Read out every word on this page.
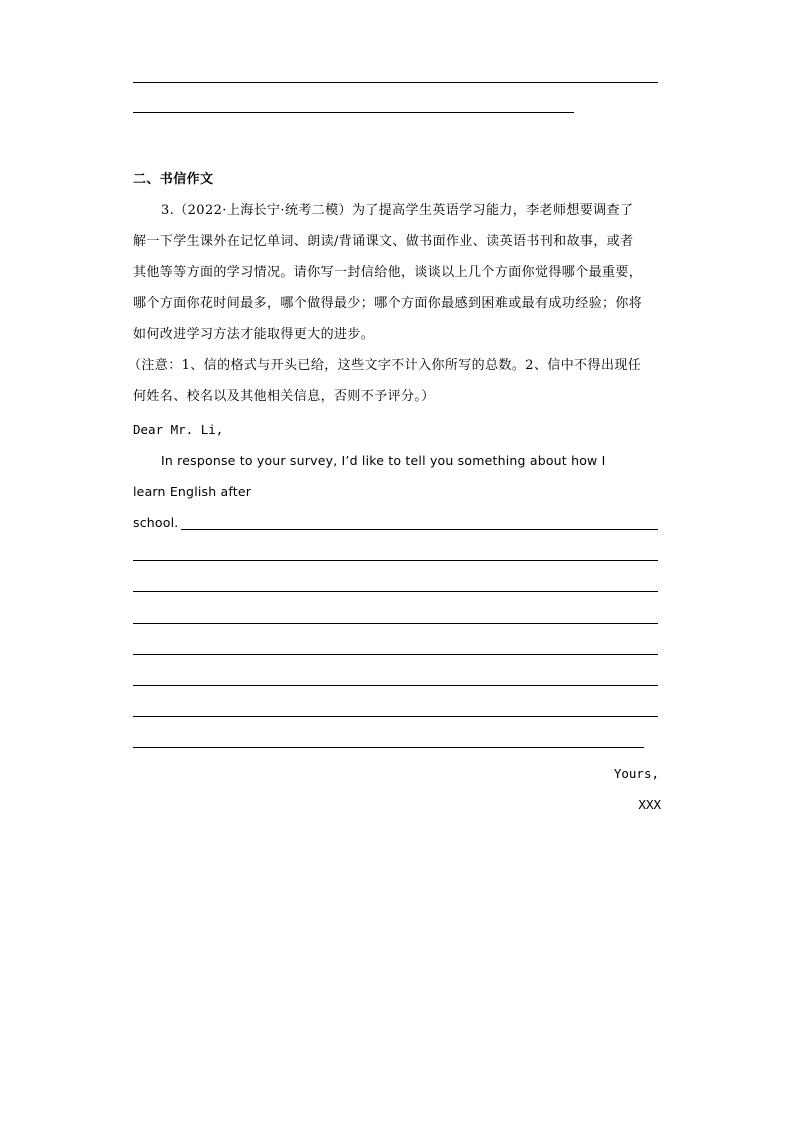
二、书信作文
3.（2022·上海长宁·统考二模）为了提高学生英语学习能力，李老师想要调查了
解一下学生课外在记忆单词、朗读/背诵课文、做书面作业、读英语书刊和故事，或者
其他等等方面的学习情况。请你写一封信给他，谈谈以上几个方面你觉得哪个最重要，
哪个方面你花时间最多，哪个做得最少；哪个方面你最感到困难或最有成功经验；你将
如何改进学习方法才能取得更大的进步。
（注意：1、信的格式与开头已给，这些文字不计入你所写的总数。2、信中不得出现任
何姓名、校名以及其他相关信息，否则不予评分。）
Dear Mr. Li,
In response to your survey, I’d like to tell you something about how I
learn English after
school.
Yours,
XXX
